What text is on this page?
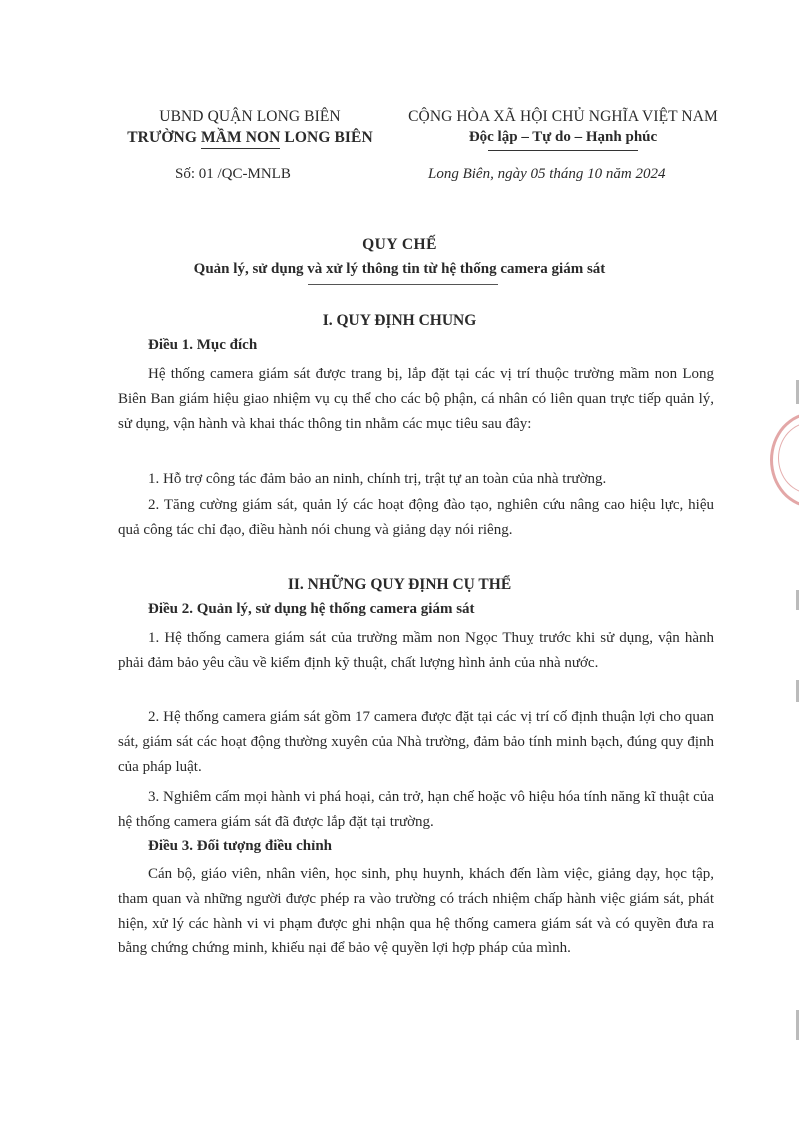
UBND QUẬN LONG BIÊN
TRƯỜNG MẦM NON LONG BIÊN
CỘNG HÒA XÃ HỘI CHỦ NGHĨA VIỆT NAM
Độc lập – Tự do – Hạnh phúc
Số: 01 /QC-MNLB	Long Biên, ngày 05 tháng 10 năm 2024
QUY CHẾ
Quản lý, sử dụng và xử lý thông tin từ hệ thống camera giám sát
I. QUY ĐỊNH CHUNG
Điều 1. Mục đích

Hệ thống camera giám sát được trang bị, lắp đặt tại các vị trí thuộc trường mầm non Long Biên Ban giám hiệu giao nhiệm vụ cụ thể cho các bộ phận, cá nhân có liên quan trực tiếp quản lý, sử dụng, vận hành và khai thác thông tin nhằm các mục tiêu sau đây:

1. Hỗ trợ công tác đảm bảo an ninh, chính trị, trật tự an toàn của nhà trường.

2. Tăng cường giám sát, quản lý các hoạt động đào tạo, nghiên cứu nâng cao hiệu lực, hiệu quả công tác chỉ đạo, điều hành nói chung và giảng dạy nói riêng.

II. NHỮNG QUY ĐỊNH CỤ THỂ
Điều 2. Quản lý, sử dụng hệ thống camera giám sát

1. Hệ thống camera giám sát của trường mầm non Ngọc Thuỵ trước khi sử dụng, vận hành phải đảm bảo yêu cầu về kiểm định kỹ thuật, chất lượng hình ảnh của nhà nước.

2. Hệ thống camera giám sát gồm 17 camera được đặt tại các vị trí cố định thuận lợi cho quan sát, giám sát các hoạt động thường xuyên của Nhà trường, đảm bảo tính minh bạch, đúng quy định của pháp luật.

3. Nghiêm cấm mọi hành vi phá hoại, cản trở, hạn chế hoặc vô hiệu hóa tính năng kĩ thuật của hệ thống camera giám sát đã được lắp đặt tại trường.

Điều 3. Đối tượng điều chỉnh

Cán bộ, giáo viên, nhân viên, học sinh, phụ huynh, khách đến làm việc, giảng dạy, học tập, tham quan và những người được phép ra vào trường có trách nhiệm chấp hành việc giám sát, phát hiện, xử lý các hành vi vi phạm được ghi nhận qua hệ thống camera giám sát và có quyền đưa ra bằng chứng chứng minh, khiếu nại để bảo vệ quyền lợi hợp pháp của mình.
